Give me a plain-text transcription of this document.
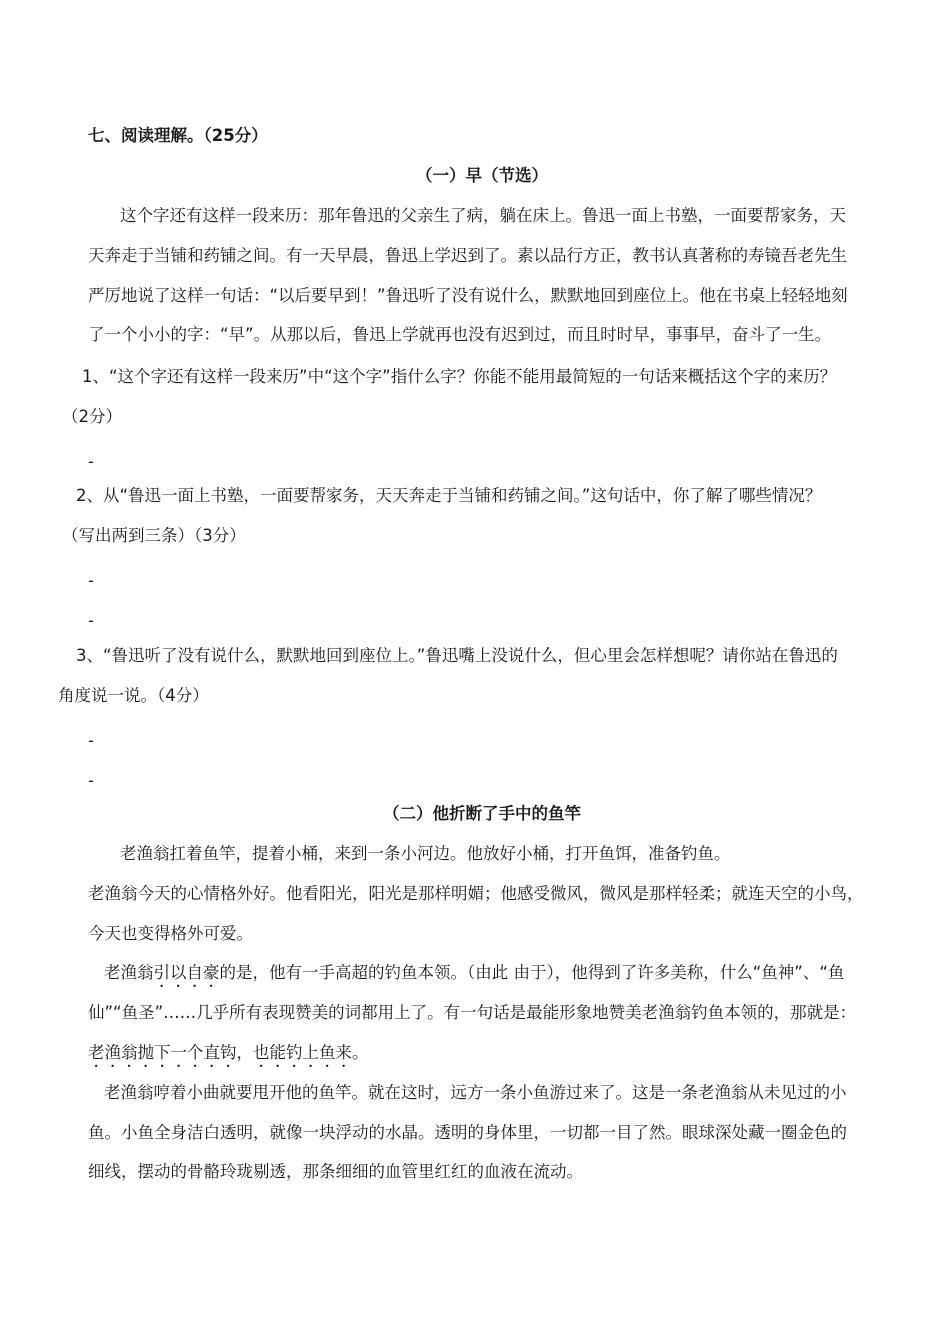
七、阅读理解。（25分）
（一）早（节选）
这个字还有这样一段来历：那年鲁迅的父亲生了病，躺在床上。鲁迅一面上书塾，一面要帮家务，天
天奔走于当铺和药铺之间。有一天早晨，鲁迅上学迟到了。素以品行方正，教书认真著称的寿镜吾老先生
严厉地说了这样一句话：“以后要早到！”鲁迅听了没有说什么，默默地回到座位上。他在书桌上轻轻地刻
了一个小小的字：“早”。从那以后，鲁迅上学就再也没有迟到过，而且时时早，事事早，奋斗了一生。
1、“这个字还有这样一段来历”中“这个字”指什么字？你能不能用最简短的一句话来概括这个字的来历？
（2分）
-
2、从“鲁迅一面上书塾，一面要帮家务，天天奔走于当铺和药铺之间。”这句话中，你了解了哪些情况？
（写出两到三条）（3分）
-
-
3、“鲁迅听了没有说什么，默默地回到座位上。”鲁迅嘴上没说什么，但心里会怎样想呢？请你站在鲁迅的
角度说一说。（4分）
-
-
（二）他折断了手中的鱼竿
老渔翁扛着鱼竿，提着小桶，来到一条小河边。他放好小桶，打开鱼饵，准备钓鱼。
老渔翁今天的心情格外好。他看阳光，阳光是那样明媚；他感受微风，微风是那样轻柔；就连天空的小鸟，
今天也变得格外可爱。
老渔翁引以自豪的是，他有一手高超的钓鱼本领。（由此 由于），他得到了许多美称，什么“鱼神”、“鱼
仙”“鱼圣”……几乎所有表现赞美的词都用上了。有一句话是最能形象地赞美老渔翁钓鱼本领的，那就是：
老渔翁抛下一个直钩，也能钓上鱼来。
老渔翁哼着小曲就要甩开他的鱼竿。就在这时，远方一条小鱼游过来了。这是一条老渔翁从未见过的小
鱼。小鱼全身洁白透明，就像一块浮动的水晶。透明的身体里，一切都一目了然。眼球深处藏一圈金色的
细线，摆动的骨骼玲珑剔透，那条细细的血管里红红的血液在流动。
